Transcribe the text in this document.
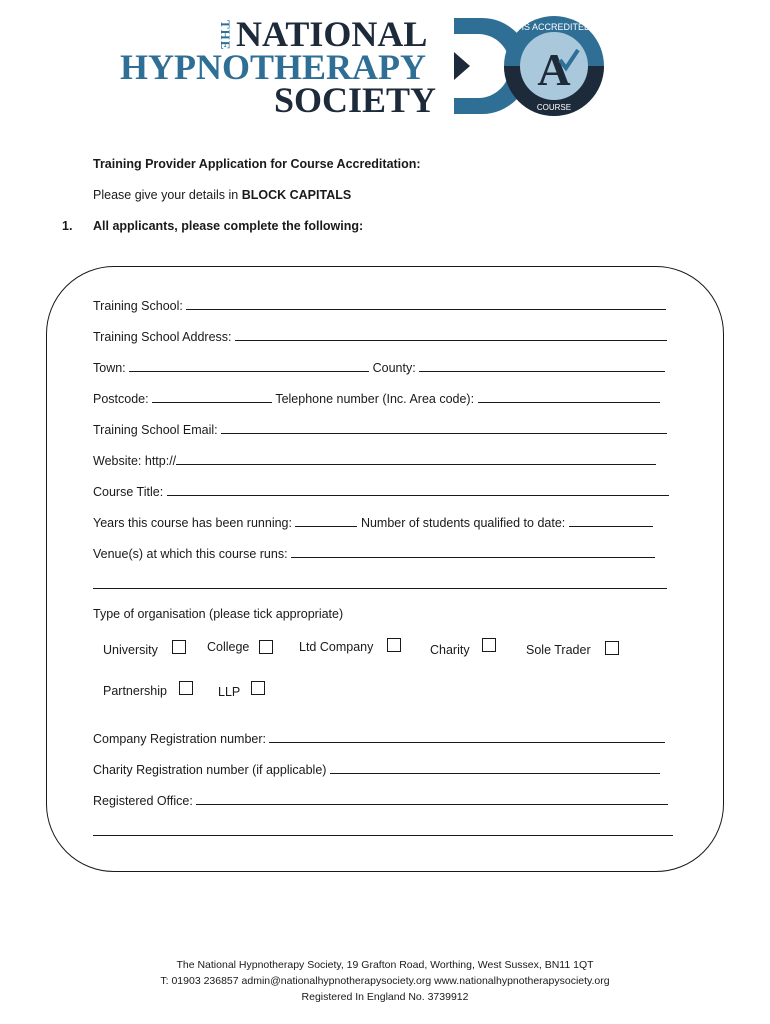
THE NATIONAL
HYPNOTHERAPY
SOCIETY
A
HS ACCREDITED
COURSE
Training Provider Application for Course Accreditation:
Please give your details in BLOCK CAPITALS
1. All applicants, please complete the following:
Training School:
Training School Address:
Town:	County:
Postcode:	Telephone number (Inc. Area code):
Training School Email:
Website: http://
Course Title:
Years this course has been running:	Number of students qualified to date:
Venue(s) at which this course runs:
Type of organisation (please tick appropriate)
University	College	Ltd Company	Charity	Sole Trader
Partnership	LLP
Company Registration number:
Charity Registration number (if applicable)
Registered Office:
The National Hypnotherapy Society, 19 Grafton Road, Worthing, West Sussex, BN11 1QT
T: 01903 236857 admin@nationalhypnotherapysociety.org www.nationalhypnotherapysociety.org
Registered In England No. 3739912
